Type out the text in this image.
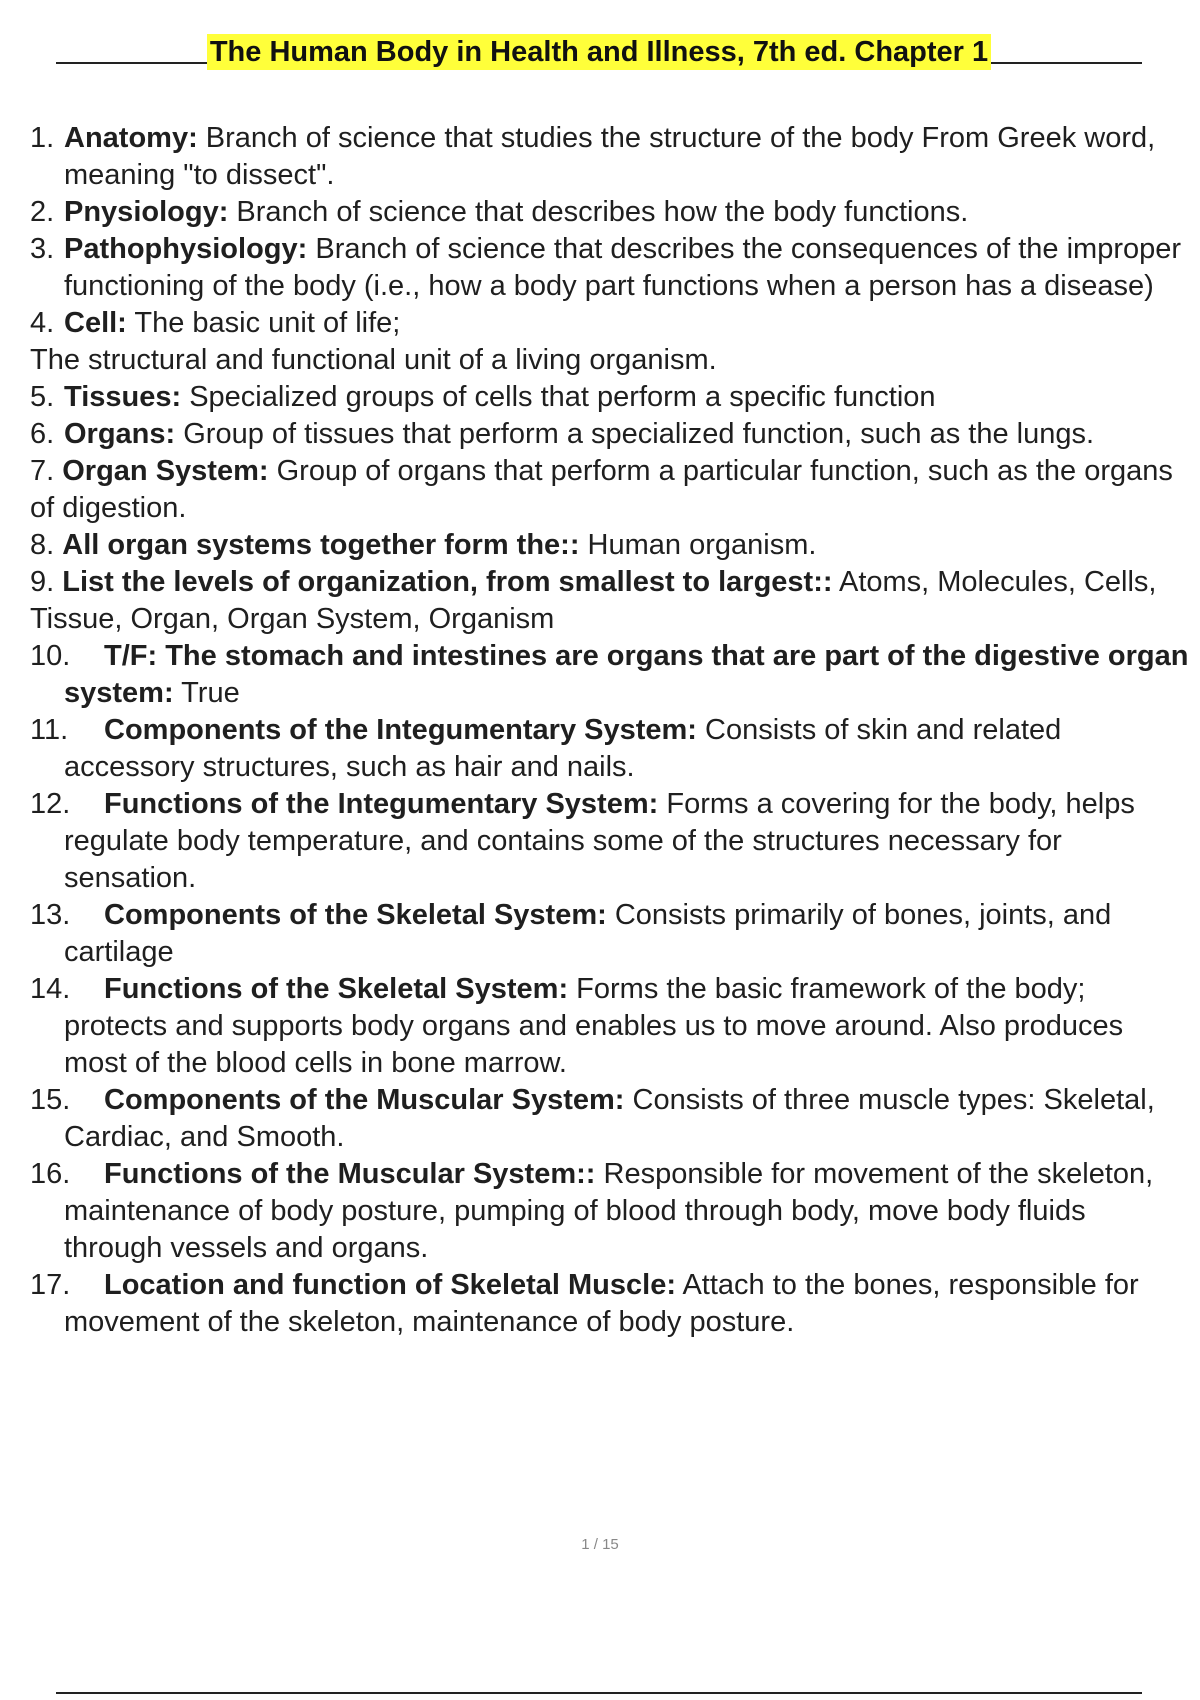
The Human Body in Health and Illness, 7th ed. Chapter 1

1. Anatomy: Branch of science that studies the structure of the body From Greek word, meaning "to dissect".

2. Pnysiology: Branch of science that describes how the body functions.

3. Pathophysiology: Branch of science that describes the consequences of the improper functioning of the body (i.e., how a body part functions when a person has a disease)

4. Cell: The basic unit of life;

The structural and functional unit of a living organism.

5. Tissues: Specialized groups of cells that perform a specific function

6. Organs: Group of tissues that perform a specialized function, such as the lungs.

7. Organ System: Group of organs that perform a particular function, such as the organs of digestion.

8. All organ systems together form the:: Human organism.

9. List the levels of organization, from smallest to largest:: Atoms, Molecules, Cells, Tissue, Organ, Organ System, Organism

10.	T/F: The stomach and intestines are organs that are part of the digestive organ system: True

11.	Components of the Integumentary System: Consists of skin and related accessory structures, such as hair and nails.

12.	Functions of the Integumentary System: Forms a covering for the body, helps regulate body temperature, and contains some of the structures necessary for sensation.

13.	Components of the Skeletal System: Consists primarily of bones, joints, and cartilage

14.	Functions of the Skeletal System: Forms the basic framework of the body; protects and supports body organs and enables us to move around. Also produces most of the blood cells in bone marrow.

15.	Components of the Muscular System: Consists of three muscle types: Skeletal, Cardiac, and Smooth.

16.	Functions of the Muscular System:: Responsible for movement of the skeleton, maintenance of body posture, pumping of blood through body, move body fluids through vessels and organs.

17.	Location and function of Skeletal Muscle: Attach to the bones, responsible for movement of the skeleton, maintenance of body posture.

1 / 15
